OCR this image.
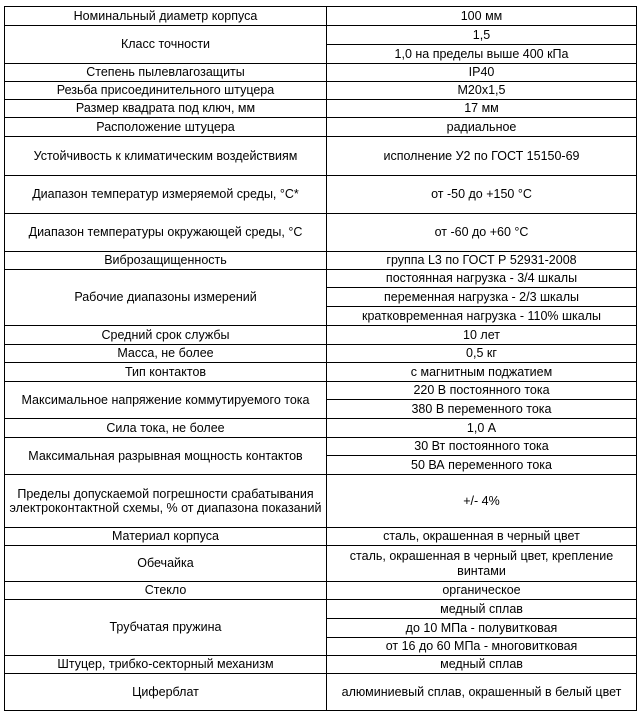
Номинальный диаметр корпуса	100 мм
Класс точности	1,5
	1,0 на пределы выше 400 кПа
Степень пылевлагозащиты	IP40
Резьба присоединительного штуцера	M20x1,5
Размер квадрата под ключ, мм	17 мм
Расположение штуцера	радиальное
Устойчивость к климатическим воздействиям	исполнение У2 по ГОСТ 15150-69
Диапазон температур измеряемой среды, °С*	от -50 до +150 °С
Диапазон температуры окружающей среды, °С	от -60 до +60 °С
Виброзащищенность	группа L3 по ГОСТ Р 52931-2008
Рабочие диапазоны измерений	постоянная нагрузка - 3/4 шкалы
	переменная нагрузка - 2/3 шкалы
	кратковременная нагрузка - 110% шкалы
Средний срок службы	10 лет
Масса, не более	0,5 кг
Тип контактов	с магнитным поджатием
Максимальное напряжение коммутируемого тока	220 В постоянного тока
	380 В переменного тока
Сила тока, не более	1,0 А
Максимальная разрывная мощность контактов	30 Вт постоянного тока
	50 ВА переменного тока
Пределы допускаемой погрешности срабатывания электроконтактной схемы, % от диапазона показаний	+/- 4%
Материал корпуса	сталь, окрашенная в черный цвет
Обечайка	сталь, окрашенная в черный цвет, крепление винтами
Стекло	органическое
Трубчатая пружина	медный сплав
	до 10 МПа - полувитковая
	от 16 до 60 МПа - многовитковая
Штуцер, трибко-секторный механизм	медный сплав
Циферблат	алюминиевый сплав, окрашенный в белый цвет
